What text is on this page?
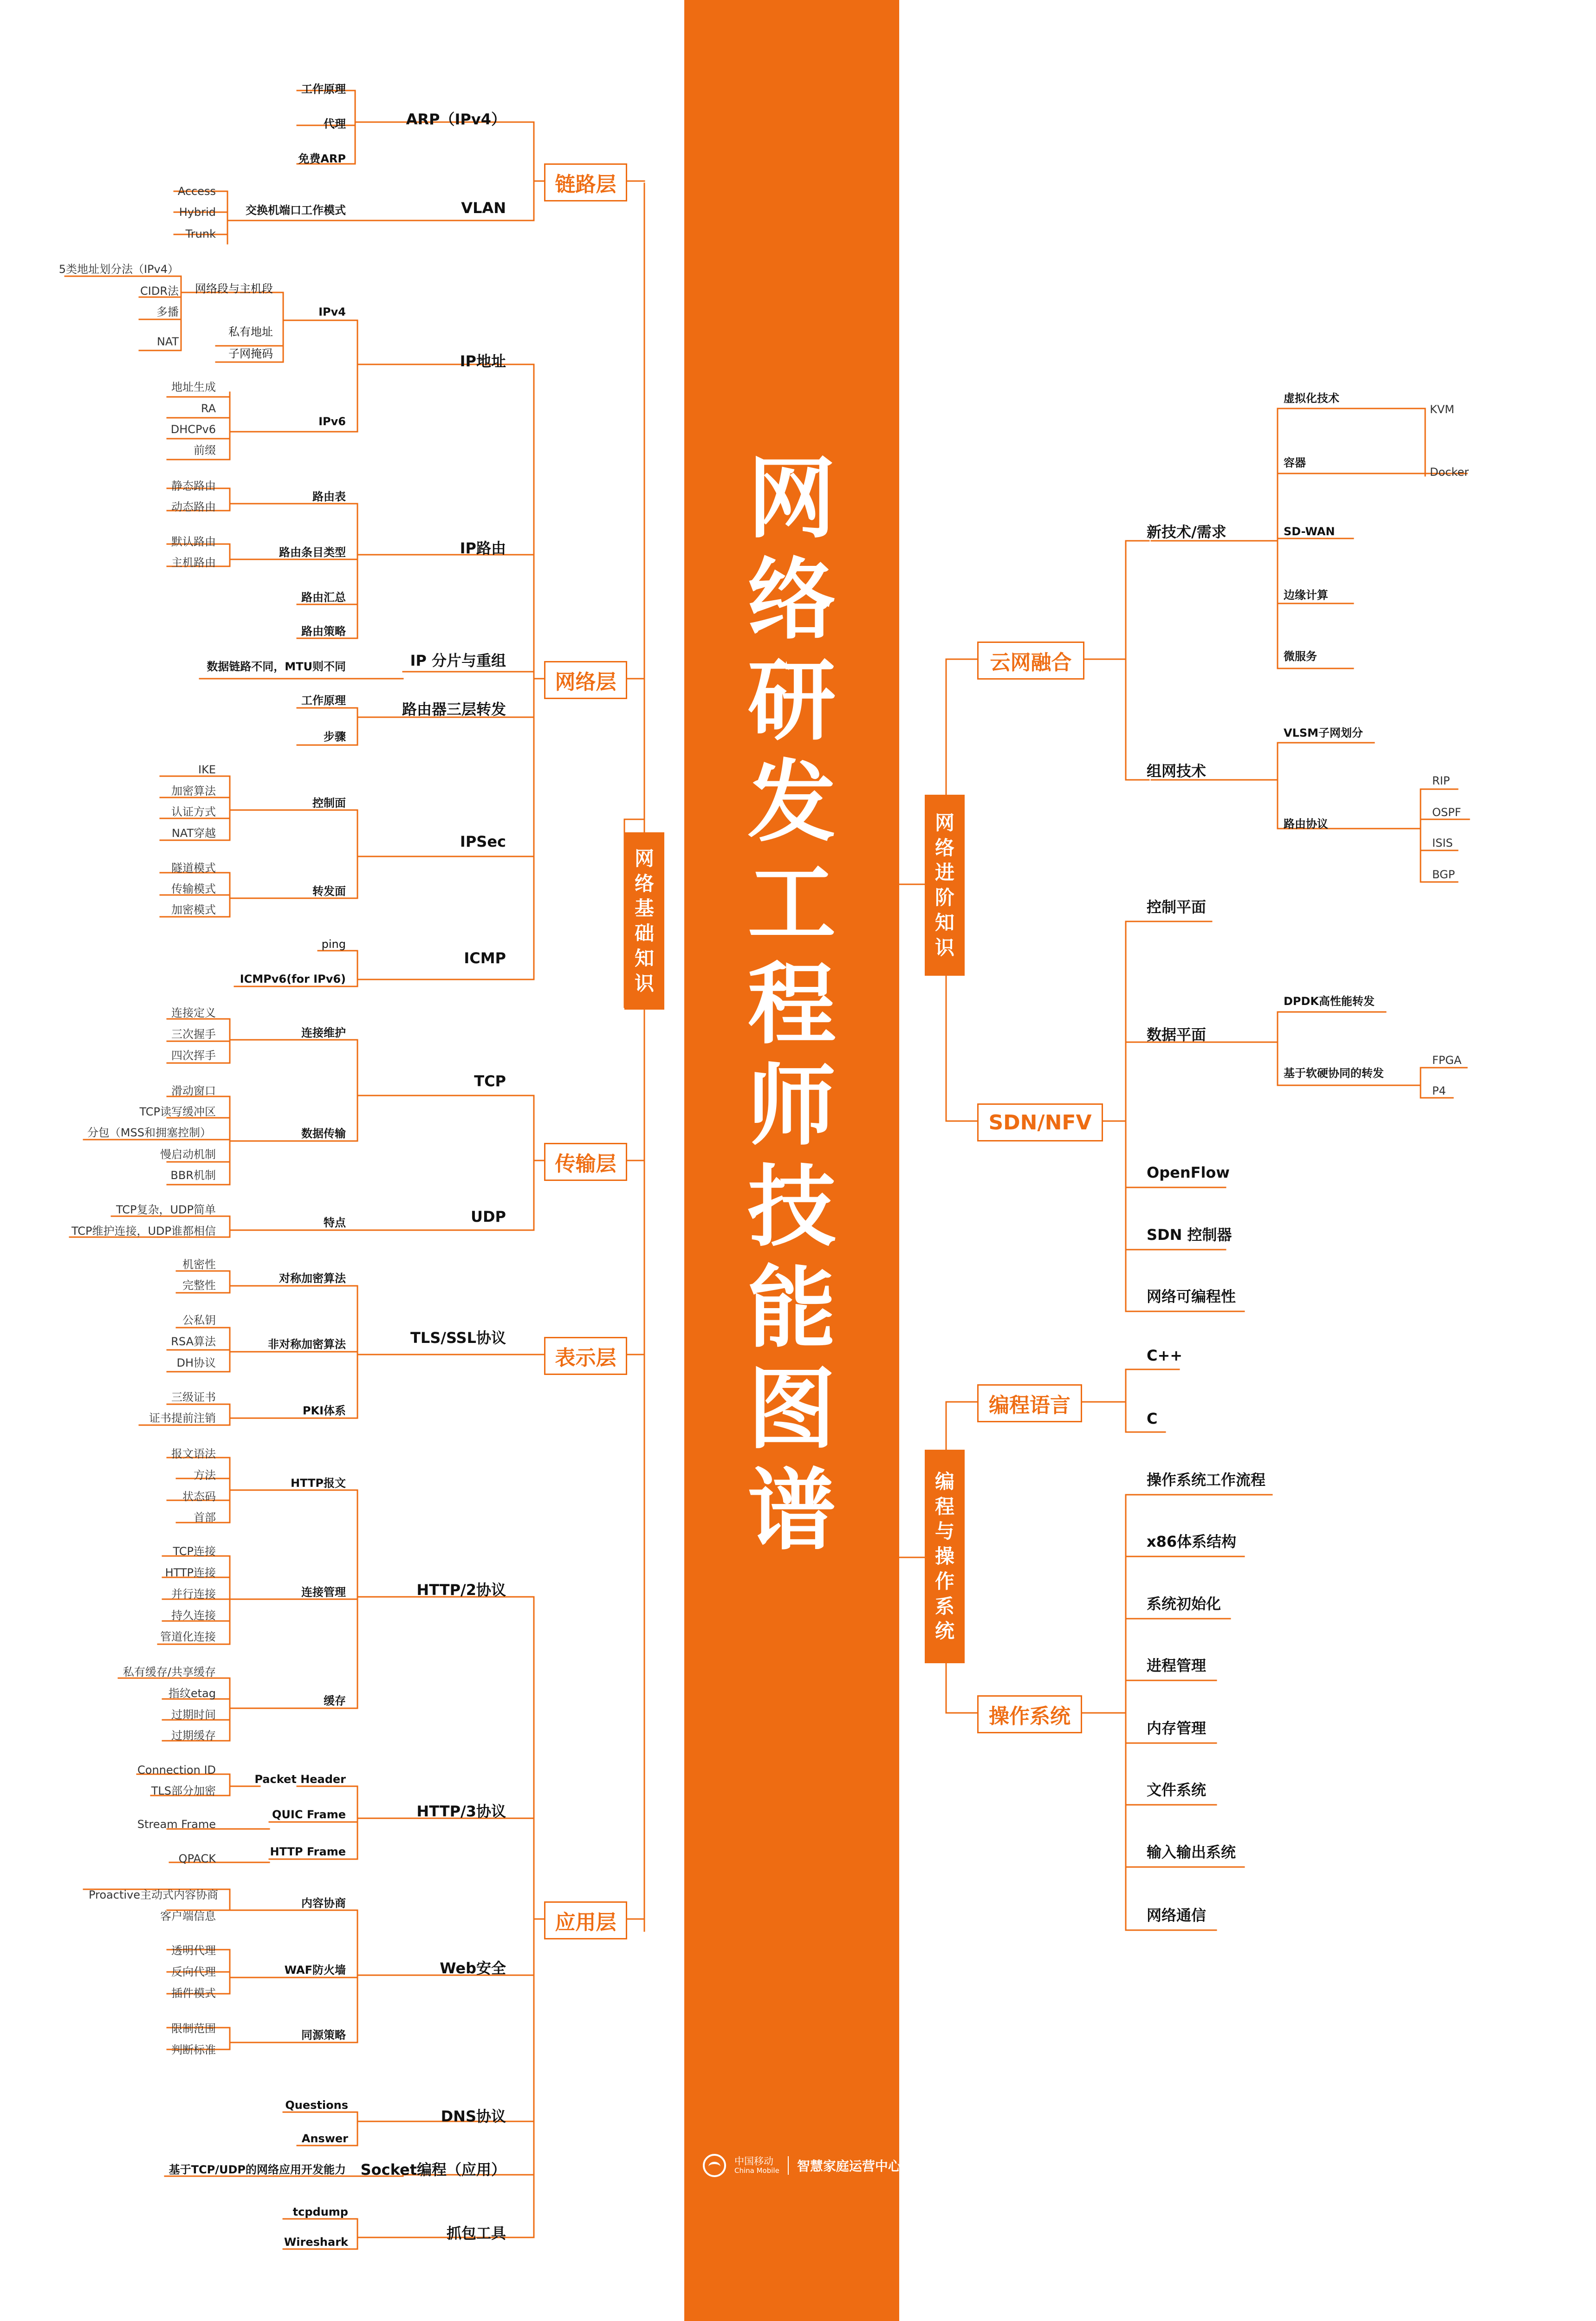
网
络
研
发
工
程
师
技
能
图
谱
网
络
基
础
知
识
网
络
进
阶
知
识
编
程
与
操
作
系
统
链路层
网络层
传输层
表示层
应用层
云网融合
SDN/NFV
编程语言
操作系统
ARP（IPv4）
VLAN
IP地址
IP路由
IP 分片与重组
路由器三层转发
IPSec
ICMP
TCP
UDP
TLS/SSL协议
HTTP/2协议
HTTP/3协议
Web安全
DNS协议
Socket编程（应用）
抓包工具
工作原理
代理
免费ARP
交换机端口工作模式
IPv4
IPv6
网络段与主机段
私有地址
子网掩码
路由表
路由条目类型
路由汇总
路由策略
数据链路不同，MTU则不同
工作原理
步骤
控制面
转发面
ping
ICMPv6(for IPv6)
连接维护
数据传输
特点
对称加密算法
非对称加密算法
PKI体系
HTTP报文
连接管理
缓存
Packet Header
QUIC Frame
HTTP Frame
内容协商
WAF防火墙
同源策略
Questions
Answer
基于TCP/UDP的网络应用开发能力
tcpdump
Wireshark
Access
Hybrid
Trunk
5类地址划分法（IPv4）
CIDR法
多播
NAT
地址生成
RA
DHCPv6
前缀
静态路由
动态路由
默认路由
主机路由
IKE
加密算法
认证方式
NAT穿越
隧道模式
传输模式
加密模式
连接定义
三次握手
四次挥手
滑动窗口
TCP读写缓冲区
分包（MSS和拥塞控制）
慢启动机制
BBR机制
TCP复杂，UDP简单
TCP维护连接，UDP谁都相信
机密性
完整性
公私钥
RSA算法
DH协议
三级证书
证书提前注销
报文语法
方法
状态码
首部
TCP连接
HTTP连接
并行连接
持久连接
管道化连接
私有缓存/共享缓存
指纹etag
过期时间
过期缓存
Connection ID
TLS部分加密
Stream Frame
QPACK
Proactive主动式内容协商
客户端信息
透明代理
反向代理
插件模式
限制范围
判断标准
新技术/需求
组网技术
控制平面
数据平面
OpenFlow
SDN 控制器
网络可编程性
C++
C
操作系统工作流程
x86体系结构
系统初始化
进程管理
内存管理
文件系统
输入输出系统
网络通信
虚拟化技术
容器
SD-WAN
边缘计算
微服务
VLSM子网划分
路由协议
DPDK高性能转发
基于软硬协同的转发
KVM
Docker
RIP
OSPF
ISIS
BGP
FPGA
P4
中国移动
China Mobile 智慧家庭运营中心
